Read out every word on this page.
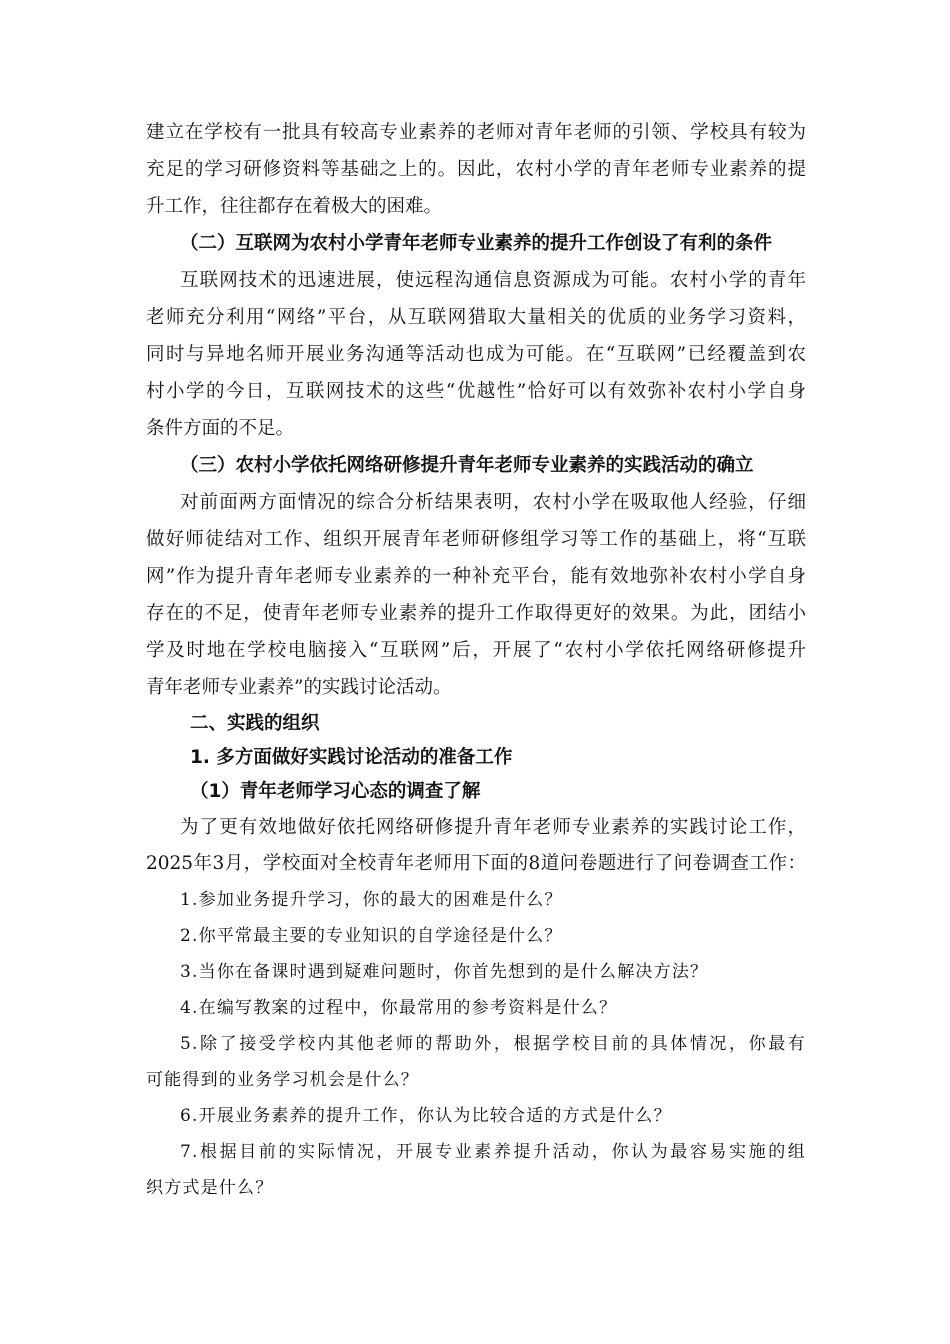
建立在学校有一批具有较高专业素养的老师对青年老师的引领、学校具有较为
充足的学习研修资料等基础之上的。因此，农村小学的青年老师专业素养的提
升工作，往往都存在着极大的困难。
（二）互联网为农村小学青年老师专业素养的提升工作创设了有利的条件
互联网技术的迅速进展，使远程沟通信息资源成为可能。农村小学的青年
老师充分利用“网络”平台，从互联网猎取大量相关的优质的业务学习资料，
同时与异地名师开展业务沟通等活动也成为可能。在“互联网”已经覆盖到农
村小学的今日，互联网技术的这些“优越性”恰好可以有效弥补农村小学自身
条件方面的不足。
（三）农村小学依托网络研修提升青年老师专业素养的实践活动的确立
对前面两方面情况的综合分析结果表明，农村小学在吸取他人经验，仔细
做好师徒结对工作、组织开展青年老师研修组学习等工作的基础上，将“互联
网”作为提升青年老师专业素养的一种补充平台，能有效地弥补农村小学自身
存在的不足，使青年老师专业素养的提升工作取得更好的效果。为此，团结小
学及时地在学校电脑接入“互联网”后，开展了“农村小学依托网络研修提升
青年老师专业素养”的实践讨论活动。
二、实践的组织
1. 多方面做好实践讨论活动的准备工作
（1）青年老师学习心态的调查了解
为了更有效地做好依托网络研修提升青年老师专业素养的实践讨论工作，
2025年3月，学校面对全校青年老师用下面的8道问卷题进行了问卷调查工作：
1.参加业务提升学习，你的最大的困难是什么？
2.你平常最主要的专业知识的自学途径是什么？
3.当你在备课时遇到疑难问题时，你首先想到的是什么解决方法？
4.在编写教案的过程中，你最常用的参考资料是什么？
5.除了接受学校内其他老师的帮助外，根据学校目前的具体情况，你最有
可能得到的业务学习机会是什么？
6.开展业务素养的提升工作，你认为比较合适的方式是什么？
7.根据目前的实际情况，开展专业素养提升活动，你认为最容易实施的组
织方式是什么？
